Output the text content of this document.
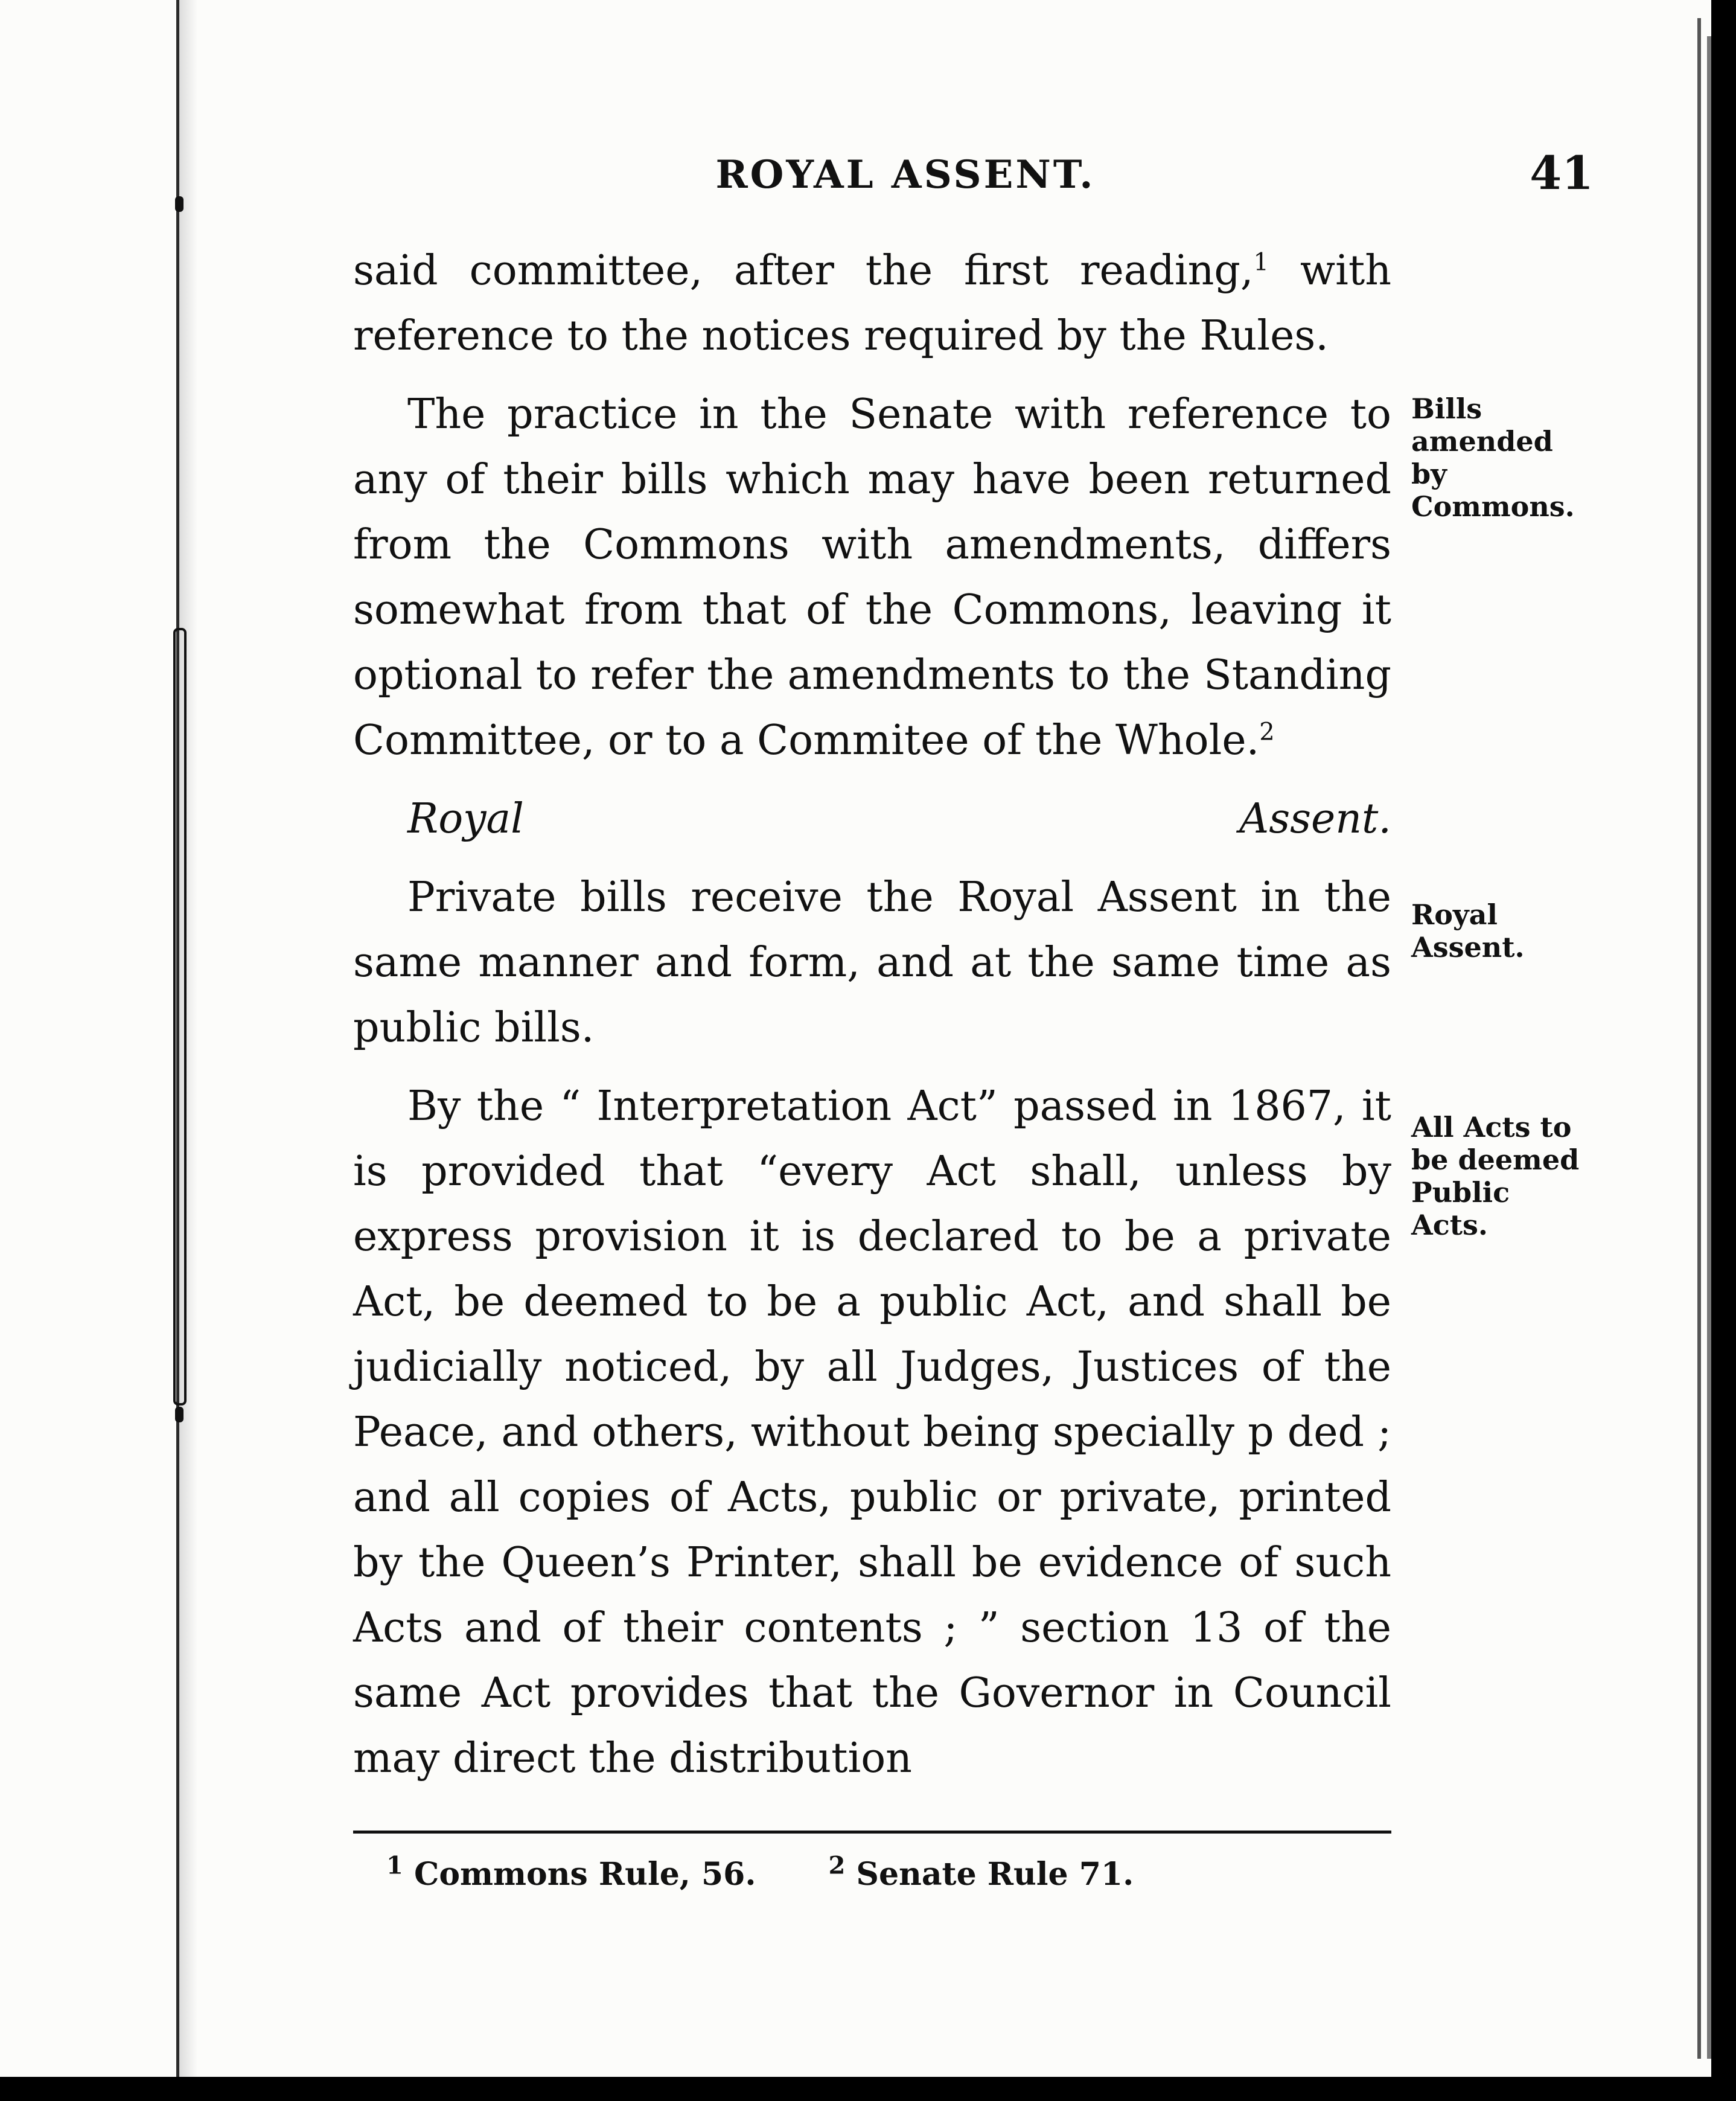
ROYAL ASSENT.	41

said committee, after the first reading,$^1$ with reference to the notices required by the Rules.

The practice in the Senate with reference to any of their bills which may have been returned from the Commons with amendments, differs somewhat from that of the Commons, leaving it optional to refer the amendments to the Standing Committee, or to a Commitee of the Whole.$^2$

Royal Assent.

Private bills receive the Royal Assent in the same manner and form, and at the same time as public bills.

By the “ Interpretation Act” passed in 1867, it is provided that “every Act shall, unless by express provision it is declared to be a private Act, be deemed to be a public Act, and shall be judicially noticed, by all Judges, Justices of the Peace, and others, without being specially p ded ; and all copies of Acts, public or private, printed by the Queen’s Printer, shall be evidence of such Acts and of their contents ; ” section 13 of the same Act provides that the Governor in Council may direct the distribution

Bills amended by Commons.
Royal Assent.
All Acts to be deemed Public Acts.
$^1$ Commons Rule, 56.	$^2$ Senate Rule 71.
